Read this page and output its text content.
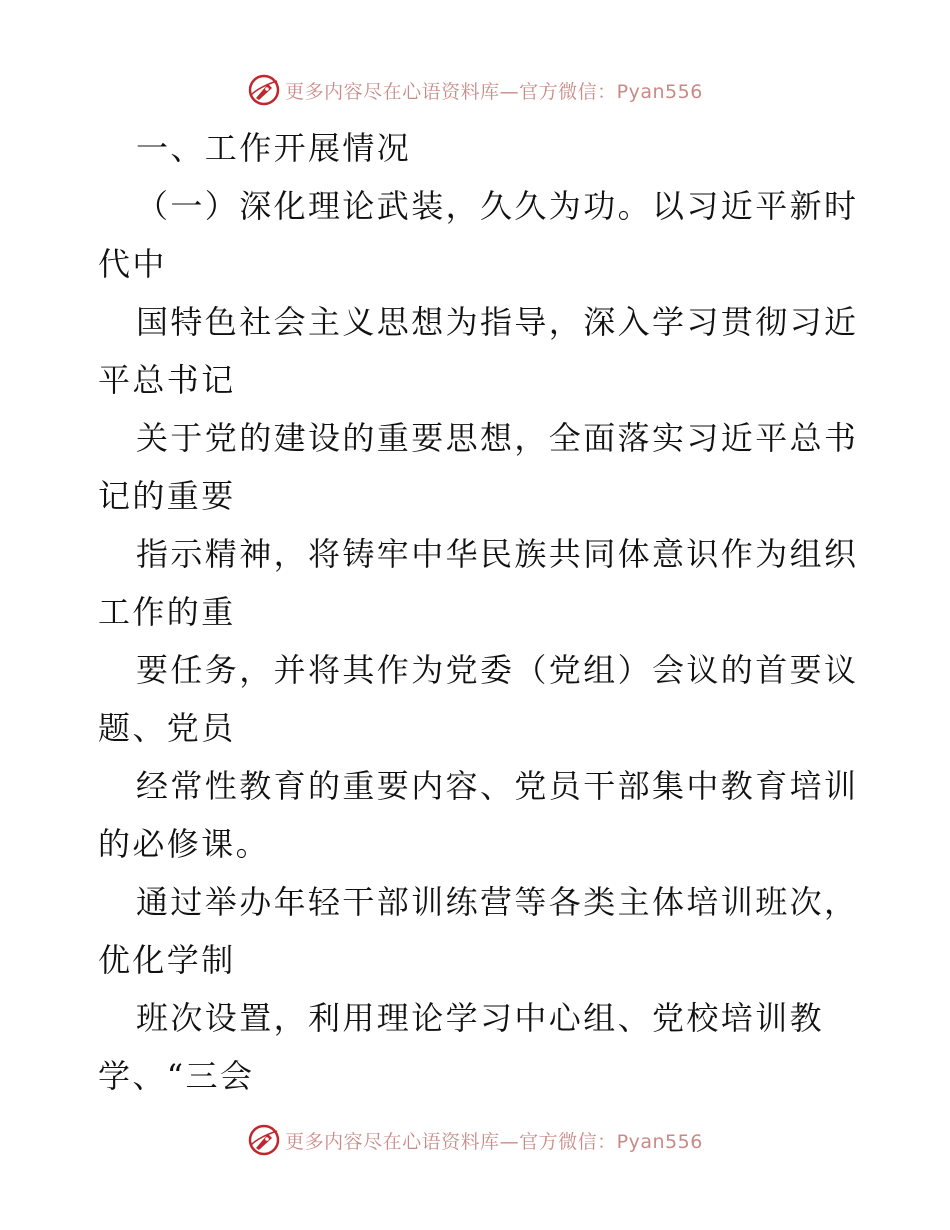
更多内容尽在心语资料库—官方微信：Pyan556
一、工作开展情况
（一）深化理论武装，久久为功。以习近平新时
代中
国特色社会主义思想为指导，深入学习贯彻习近
平总书记
关于党的建设的重要思想，全面落实习近平总书
记的重要
指示精神，将铸牢中华民族共同体意识作为组织
工作的重
要任务，并将其作为党委（党组）会议的首要议
题、党员
经常性教育的重要内容、党员干部集中教育培训
的必修课。
通过举办年轻干部训练营等各类主体培训班次，
优化学制
班次设置，利用理论学习中心组、党校培训教
学、“三会
更多内容尽在心语资料库—官方微信：Pyan556
